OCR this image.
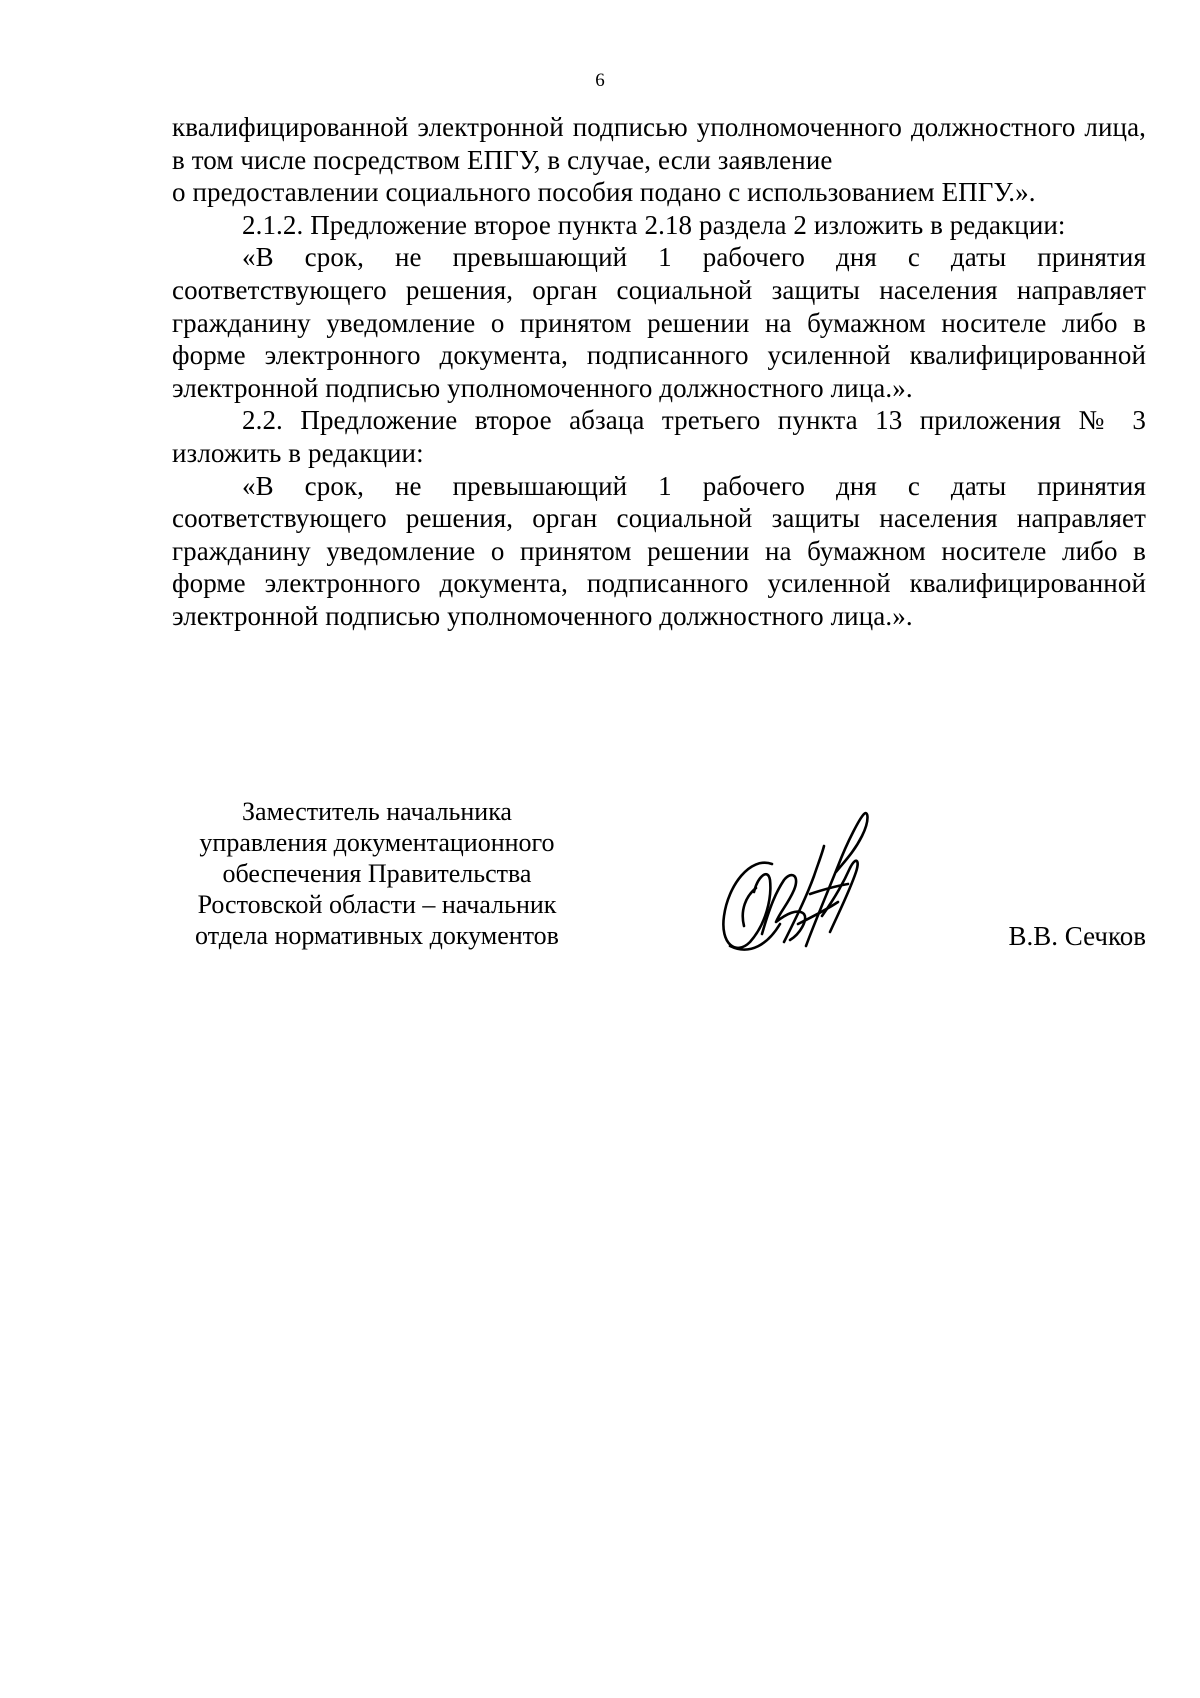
6

квалифицированной электронной подписью уполномоченного должностного лица, в том числе посредством ЕПГУ, в случае, если заявление
о предоставлении социального пособия подано с использованием ЕПГУ.».

2.1.2. Предложение второе пункта 2.18 раздела 2 изложить в редакции:

«В срок, не превышающий 1 рабочего дня с даты принятия соответствующего решения, орган социальной защиты населения направляет гражданину уведомление о принятом решении на бумажном носителе либо в форме электронного документа, подписанного усиленной квалифицированной электронной подписью уполномоченного должностного лица.».

2.2. Предложение второе абзаца третьего пункта 13 приложения № 3 изложить в редакции:

«В срок, не превышающий 1 рабочего дня с даты принятия соответствующего решения, орган социальной защиты населения направляет гражданину уведомление о принятом решении на бумажном носителе либо в форме электронного документа, подписанного усиленной квалифицированной электронной подписью уполномоченного должностного лица.».

Заместитель начальника
управления документационного
обеспечения Правительства
Ростовской области – начальник
отдела нормативных документов	В.В. Сечков
